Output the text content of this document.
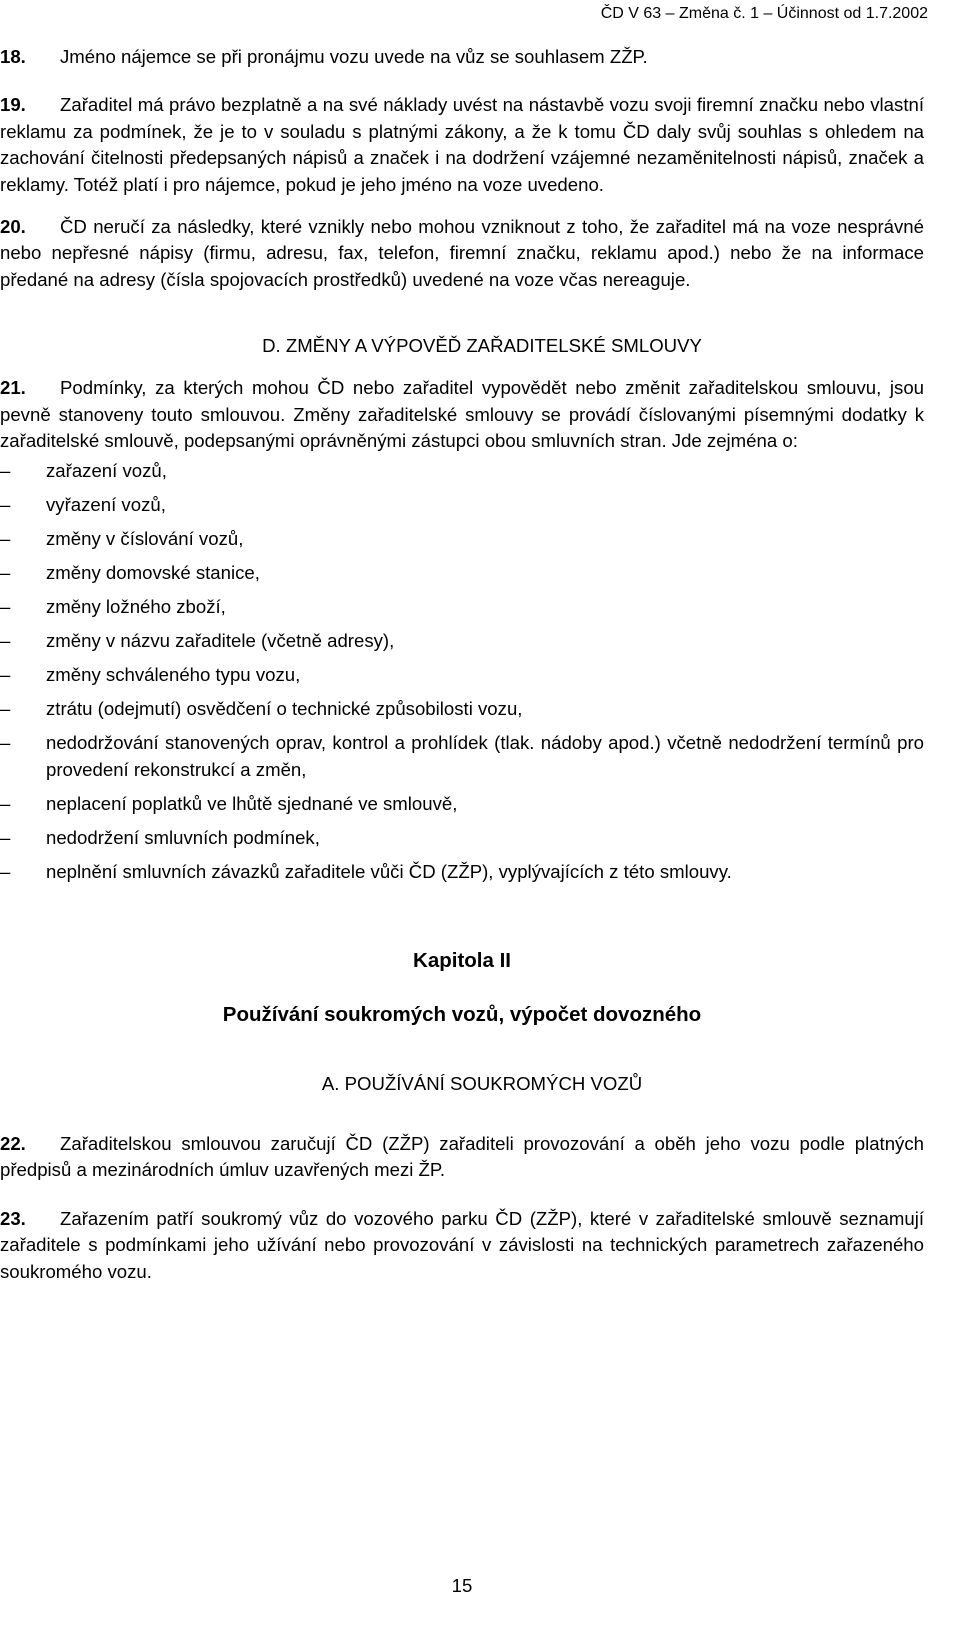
ČD V 63 – Změna č. 1 – Účinnost od 1.7.2002

18. Jméno nájemce se při pronájmu vozu uvede na vůz se souhlasem ZŽP.

19. Zařaditel má právo bezplatně a na své náklady uvést na nástavbě vozu svoji firemní značku nebo vlastní reklamu za podmínek, že je to v souladu s platnými zákony, a že k tomu ČD daly svůj souhlas s ohledem na zachování čitelnosti předepsaných nápisů a značek i na dodržení vzájemné nezaměnitelnosti nápisů, značek a reklamy. Totéž platí i pro nájemce, pokud je jeho jméno na voze uvedeno.

20. ČD neručí za následky, které vznikly nebo mohou vzniknout z toho, že zařaditel má na voze nesprávné nebo nepřesné nápisy (firmu, adresu, fax, telefon, firemní značku, reklamu apod.) nebo že na informace předané na adresy (čísla spojovacích prostředků) uvedené na voze včas nereaguje.

D. ZMĚNY A VÝPOVĚĎ ZAŘADITELSKÉ SMLOUVY

21. Podmínky, za kterých mohou ČD nebo zařaditel vypovědět nebo změnit zařaditelskou smlouvu, jsou pevně stanoveny touto smlouvou. Změny zařaditelské smlouvy se provádí číslovanými písemnými dodatky k zařaditelské smlouvě, podepsanými oprávněnými zástupci obou smluvních stran. Jde zejména o:

– zařazení vozů,
– vyřazení vozů,
– změny v číslování vozů,
– změny domovské stanice,
– změny ložného zboží,
– změny v názvu zařaditele (včetně adresy),
– změny schváleného typu vozu,
– ztrátu (odejmutí) osvědčení o technické způsobilosti vozu,
– nedodržování stanovených oprav, kontrol a prohlídek (tlak. nádoby apod.) včetně nedodržení termínů pro provedení rekonstrukcí a změn,
– neplacení poplatků ve lhůtě sjednané ve smlouvě,
– nedodržení smluvních podmínek,
– neplnění smluvních závazků zařaditele vůči ČD (ZŽP), vyplývajících z této smlouvy.

Kapitola II

Používání soukromých vozů, výpočet dovozného

A. POUŽÍVÁNÍ SOUKROMÝCH VOZŮ

22. Zařaditelskou smlouvou zaručují ČD (ZŽP) zařaditeli provozování a oběh jeho vozu podle platných předpisů a mezinárodních úmluv uzavřených mezi ŽP.

23. Zařazením patří soukromý vůz do vozového parku ČD (ZŽP), které v zařaditelské smlouvě seznamují zařaditele s podmínkami jeho užívání nebo provozování v závislosti na technických parametrech zařazeného soukromého vozu.

15
